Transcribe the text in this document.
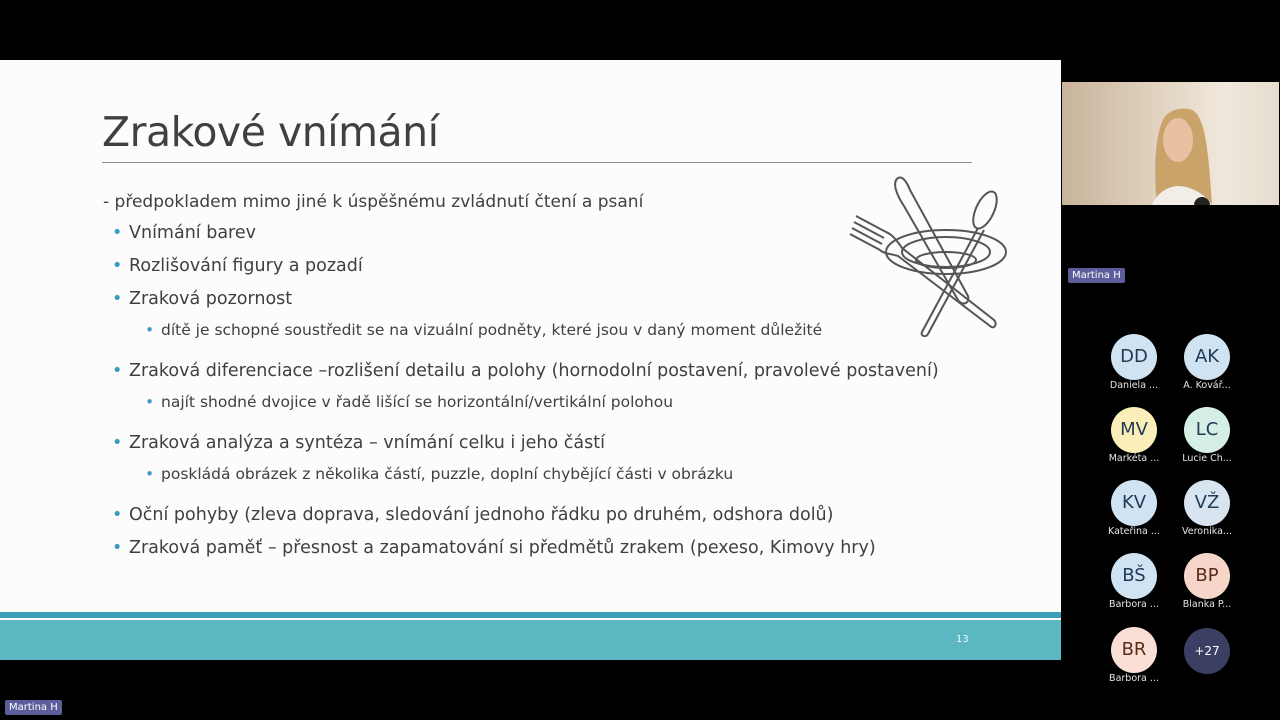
Zrakové vnímání
- předpokladem mimo jiné k úspěšnému zvládnutí čtení a psaní
• Vnímání barev
• Rozlišování figury a pozadí
• Zraková pozornost
• dítě je schopné soustředit se na vizuální podněty, které jsou v daný moment důležité
• Zraková diferenciace –rozlišení detailu a polohy (hornodolní postavení, pravolevé postavení)
• najít shodné dvojice v řadě lišící se horizontální/vertikální polohou
• Zraková analýza a syntéza – vnímání celku i jeho částí
• poskládá obrázek z několika částí, puzzle, doplní chybějící části v obrázku
• Oční pohyby (zleva doprava, sledování jednoho řádku po druhém, odshora dolů)
• Zraková paměť – přesnost a zapamatování si předmětů zrakem (pexeso, Kimovy hry)
13
Martina H
DD
Daniela ...
AK
A. Kovář...
MV
Markéta ...
LC
Lucie Ch...
KV
Kateřina ...
VŽ
Veronika...
BŠ
Barbora ...
BP
Blanka P...
BR
Barbora ...
+27
Martina H
